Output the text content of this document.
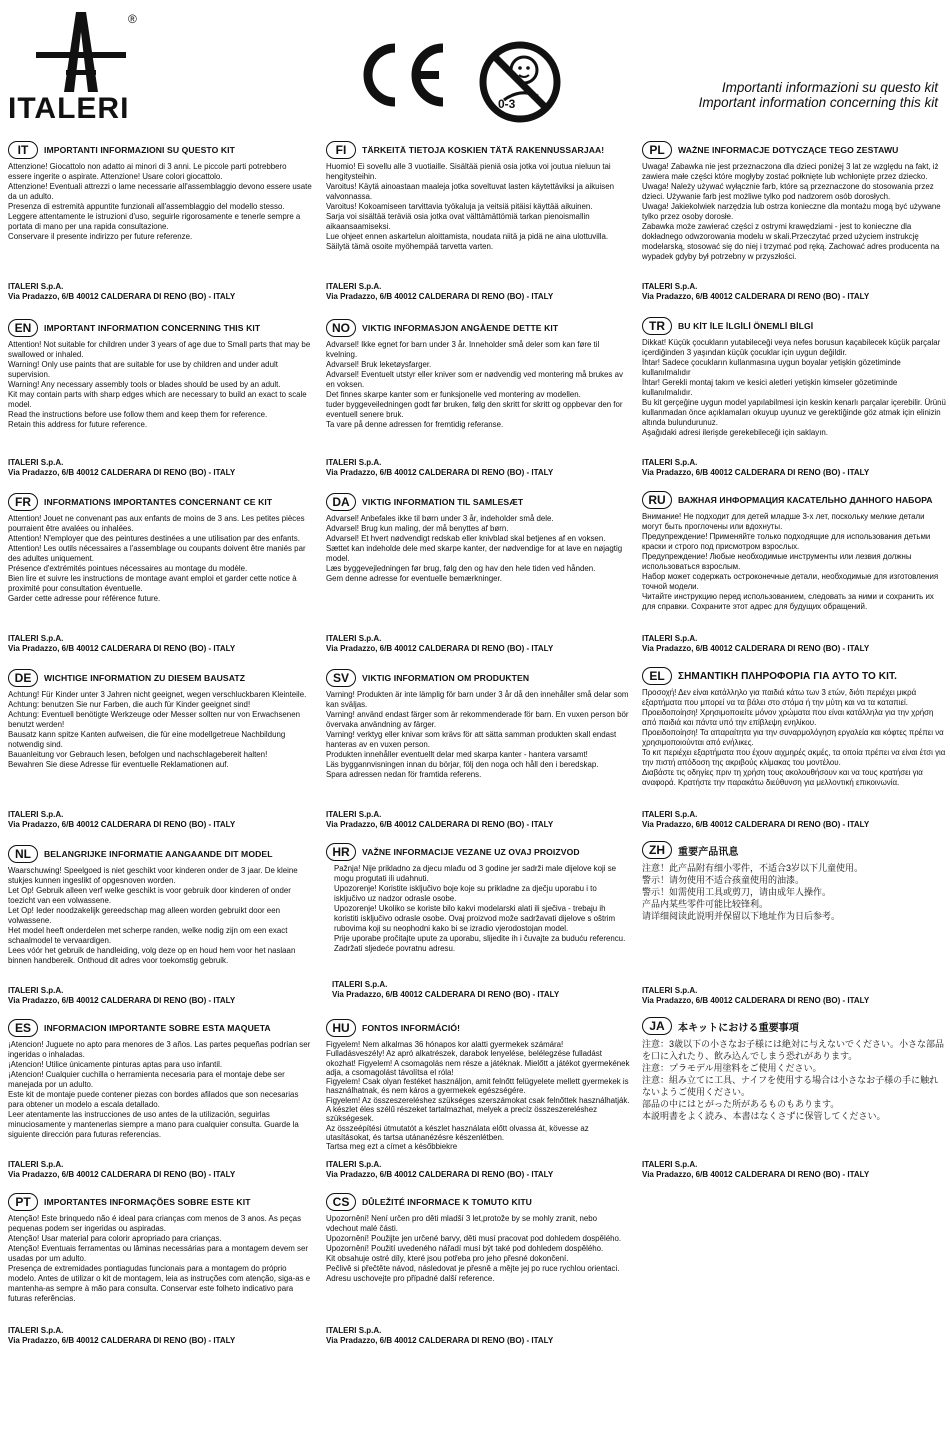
®
ITALERI	0-3
Importanti informazioni su questo kit
Important information concerning this kit
IT	IMPORTANTI INFORMAZIONI SU QUESTO KIT

Attenzione! Giocattolo non adatto ai minori di 3 anni. Le piccole parti potrebbero essere ingerite o aspirate. Attenzione! Usare colori giocattolo.

Attenzione! Eventuali attrezzi o lame necessarie all'assemblaggio devono essere usate da un adulto.

Presenza di estremità appuntite funzionali all'assemblaggio del modello stesso.

Leggere attentamente le istruzioni d'uso, seguirle rigorosamente e tenerle sempre a portata di mano per una rapida consultazione.

Conservare il presente indirizzo per future referenze.

ITALERI S.p.A.
Via Pradazzo, 6/B 40012 CALDERARA DI RENO (BO) - ITALY
EN	IMPORTANT INFORMATION CONCERNING THIS KIT

Attention! Not suitable for children under 3 years of age due to Small parts that may be swallowed or inhaled.

Warning! Only use paints that are suitable for use by children and under adult supervision.

Warning! Any necessary assembly tools or blades should be used by an adult.

Kit may contain parts with sharp edges which are necessary to build an exact to scale model.

Read the instructions before use follow them and keep them for reference.

Retain this address for future reference.

ITALERI S.p.A.
Via Pradazzo, 6/B 40012 CALDERARA DI RENO (BO) - ITALY
FR	INFORMATIONS IMPORTANTES CONCERNANT CE KIT

Attention! Jouet ne convenant pas aux enfants de moins de 3 ans. Les petites pièces pourraient être avalées ou inhalées.

Attention! N'employer que des peintures destinées a une utilisation par des enfants.

Attention! Les outils nécessaires a l'assemblage ou coupants doivent être maniés par des adultes uniquement.

Présence d'extrémités pointues nécessaires au montage du modèle.

Bien lire et suivre les instructions de montage avant emploi et garder cette notice à proximité pour consultation éventuelle.

Garder cette adresse pour référence future.

ITALERI S.p.A.
Via Pradazzo, 6/B 40012 CALDERARA DI RENO (BO) - ITALY
DE	WICHTIGE INFORMATION ZU DIESEM BAUSATZ

Achtung! Für Kinder unter 3 Jahren nicht geeignet, wegen verschluckbaren Kleinteile.

Achtung: benutzen Sie nur Farben, die auch für Kinder geeignet sind!

Achtung: Eventuell benötigte Werkzeuge oder Messer sollten nur von Erwachsenen benutzt werden!

Bausatz kann spitze Kanten aufweisen, die für eine modellgetreue Nachbildung notwendig sind.

Bauanleitung vor Gebrauch lesen, befolgen und nachschlagebereit halten!

Bewahren Sie diese Adresse für eventuelle Reklamationen auf.

ITALERI S.p.A.
Via Pradazzo, 6/B 40012 CALDERARA DI RENO (BO) - ITALY
NL	BELANGRIJKE INFORMATIE AANGAANDE DIT MODEL

Waarschuwing! Speelgoed is niet geschikt voor kinderen onder de 3 jaar. De kleine stukjes kunnen ingeslikt of opgesnoven worden.

Let Op! Gebruik alleen verf welke geschikt is voor gebruik door kinderen of onder toezicht van een volwassene.

Let Op! Ieder noodzakelijk gereedschap mag alleen worden gebruikt door een volwassene.

Het model heeft onderdelen met scherpe randen, welke nodig zijn om een exact schaalmodel te vervaardigen.

Lees vóór het gebruik de handleiding, volg deze op en houd hem voor het naslaan binnen handbereik. Onthoud dit adres voor toekomstig gebruik.

ITALERI S.p.A.
Via Pradazzo, 6/B 40012 CALDERARA DI RENO (BO) - ITALY
ES	INFORMACION IMPORTANTE SOBRE ESTA MAQUETA

¡Atencion! Juguete no apto para menores de 3 años. Las partes pequeñas podrían ser ingeridas o inhaladas.

¡Atencion! Utilice únicamente pinturas aptas para uso infantil.

¡Atencion! Cualquier cuchilla o herramienta necesaria para el montaje debe ser manejada por un adulto.

Este kit de montaje puede contener piezas con bordes afilados que son necesarias para obtener un modelo a escala detallado.

Leer atentamente las instrucciones de uso antes de la utilización, seguirlas minuciosamente y mantenerlas siempre a mano para cualquier consulta. Guarde la siguiente dirección para futuras referencias.

ITALERI S.p.A.
Via Pradazzo, 6/B 40012 CALDERARA DI RENO (BO) - ITALY
PT	IMPORTANTES INFORMAÇÕES SOBRE ESTE KIT

Atenção! Este brinquedo não é ideal para crianças com menos de 3 anos. As peças pequenas podem ser ingeridas ou aspiradas.

Atenção! Usar material para colorir apropriado para crianças.

Atenção! Eventuais ferramentas ou lâminas necessárias para a montagem devem ser usadas por um adulto.

Presença de extremidades pontiagudas funcionais para a montagem do próprio modelo. Antes de utilizar o kit de montagem, leia as instruções com atenção, siga-as e mantenha-as sempre à mão para consulta. Conservar este folheto indicativo para futuras referências.

ITALERI S.p.A.
Via Pradazzo, 6/B 40012 CALDERARA DI RENO (BO) - ITALY
FI	TÄRKEITÄ TIETOJA KOSKIEN TÄTÄ RAKENNUSSARJAA!

Huomio! Ei sovellu alle 3 vuotiaille. Sisältää pieniä osia jotka voi joutua nieluun tai hengitysteihin.

Varoitus! Käytä ainoastaan maaleja jotka soveltuvat lasten käytettäviksi ja aikuisen valvonnassa.

Varoitus! Kokoamiseen tarvittavia työkaluja ja veitsiä pitäisi käyttää aikuinen.

Sarja voi sisältää teräviä osia jotka ovat välttämättömiä tarkan pienoismallin aikaansaamiseksi.

Lue ohjeet ennen askartelun aloittamista, noudata niitä ja pidä ne aina ulottuvilla.

Säilytä tämä osoite myöhempää tarvetta varten.

ITALERI S.p.A.
Via Pradazzo, 6/B 40012 CALDERARA DI RENO (BO) - ITALY
NO	VIKTIG INFORMASJON ANGÅENDE DETTE KIT

Advarsel! Ikke egnet for barn under 3 år. Inneholder små deler som kan føre til kvelning.

Advarsel! Bruk leketøysfarger.

Advarsel! Eventuelt utstyr eller kniver som er nødvendig ved montering må brukes av en voksen.

Det finnes skarpe kanter som er funksjonelle ved montering av modellen.

tuder byggeveiledningen godt før bruken, følg den skritt for skritt og oppbevar den for eventuell senere bruk.

Ta vare på denne adressen for fremtidig referanse.

ITALERI S.p.A.
Via Pradazzo, 6/B 40012 CALDERARA DI RENO (BO) - ITALY
DA	VIKTIG INFORMATION TIL SAMLESÆT

Advarsel! Anbefales ikke til børn under 3 år, indeholder små dele.

Advarsel! Brug kun maling, der må benyttes af børn.

Advarsel! Et hvert nødvendigt redskab eller knivblad skal betjenes af en voksen. Sættet kan indeholde dele med skarpe kanter, der nødvendige for at lave en nøjagtig model.

Læs byggevejledningen før brug, følg den og hav den hele tiden ved hånden.

Gem denne adresse for eventuelle bemærkninger.

ITALERI S.p.A.
Via Pradazzo, 6/B 40012 CALDERARA DI RENO (BO) - ITALY
SV	VIKTIG INFORMATION OM PRODUKTEN

Varning! Produkten är inte lämplig för barn under 3 år då den innehåller små delar som kan sväljas.

Varning! använd endast färger som är rekommenderade för barn. En vuxen person bör övervaka användning av färger.

Varning! verktyg eller knivar som krävs för att sätta samman produkten skall endast hanteras av en vuxen person.

Produkten innehåller eventuellt delar med skarpa kanter - hantera varsamt!

Läs byggannvisningen innan du börjar, följ den noga och håll den i beredskap.

Spara adressen nedan för framtida referens.

ITALERI S.p.A.
Via Pradazzo, 6/B 40012 CALDERARA DI RENO (BO) - ITALY
HR	VAŽNE INFORMACIJE VEZANE UZ OVAJ PROIZVOD

Pažnja! Nije prikladno za djecu mlađu od 3 godine jer sadrži male dijelove koji se mogu progutati ili udahnuti.

Upozorenje! Koristite isključivo boje koje su prikladne za dječju uporabu i to isključivo uz nadzor odrasle osobe.

Upozorenje! Ukoliko se koriste bilo kakvi modelarski alati ili sječiva - trebaju ih koristiti isključivo odrasle osobe. Ovaj proizvod može sadržavati dijelove s oštrim rubovima koji su neophodni kako bi se izradio vjerodostojan model.

Prije uporabe pročitajte upute za uporabu, slijedite ih i čuvajte za buduću referencu.

Zadržati sljedeće povratnu adresu.

ITALERI S.p.A.
Via Pradazzo, 6/B 40012 CALDERARA DI RENO (BO) - ITALY
HU	FONTOS INFORMÁCIÓ!

Figyelem! Nem alkalmas 36 hónapos kor alatti gyermekek számára!

Fulladásveszély! Az apró alkatrészek, darabok lenyelése, belélegzése fulladást okozhat! Figyelem! A csomagolás nem része a játéknak. Mielőtt a játékot gyermekének adja, a csomagolást távolítsa el róla!

Figyelem! Csak olyan festéket használjon, amit felnőtt felügyelete mellett gyermekek is használhatnak, és nem káros a gyermekek egészségére.

Figyelem! Az összeszereléshez szükséges szerszámokat csak felnőttek használhatják. A készlet éles szélű részeket tartalmazhat, melyek a precíz összeszereléshez szükségesek.

Az összeépítési útmutatót a készlet használata előtt olvassa át, kövesse az utasításokat, és tartsa utánanézésre készenlétben.

Tartsa meg ezt a címet a későbbiekre

ITALERI S.p.A.
Via Pradazzo, 6/B 40012 CALDERARA DI RENO (BO) - ITALY
CS	DŮLEŽITÉ INFORMACE K TOMUTO KITU

Upozornění! Není určen pro děti mladší 3 let,protože by se mohly zranit, nebo vdechout malé části.

Upozornění! Použijte jen určené barvy, děti musí pracovat pod dohledem dospělého.

Upozornění! Použití uvedeného nářadí musí být také pod dohledem dospělého.

Kit obsahuje ostré díly, které jsou potřeba pro jeho přesné dokončení.

Pečlivě si přečtěte návod, následovat je přesně a mějte jej po ruce rychlou orientaci.

Adresu uschovejte pro případné další reference.

ITALERI S.p.A.
Via Pradazzo, 6/B 40012 CALDERARA DI RENO (BO) - ITALY
PL	WAŻNE INFORMACJE DOTYCZĄCE TEGO ZESTAWU

Uwaga! Zabawka nie jest przeznaczona dla dzieci poniżej 3 lat ze względu na fakt, iż zawiera małe części które mogłyby zostać połknięte lub wchłonięte przez dziecko.

Uwaga! Należy używać wyłącznie farb, które są przeznaczone do stosowania przez dzieci. Używanie farb jest możliwe tylko pod nadzorem osób dorosłych.

Uwaga! Jakiekolwiek narzędzia lub ostrza konieczne dla montażu mogą być używane tylko przez osoby dorosłe.

Zabawka może zawierać części z ostrymi krawędziami - jest to konieczne dla dokładnego odwzorowania modelu w skali.Przeczytać przed użyciem instrukcję modelarską, stosować się do niej i trzymać pod ręką. Zachować adres producenta na wypadek gdyby był potrzebny w przyszłości.

ITALERI S.p.A.
Via Pradazzo, 6/B 40012 CALDERARA DI RENO (BO) - ITALY
TR	BU KİT İLE İLGİLİ ÖNEMLİ BİLGİ

Dikkat! Küçük çocukların yutabileceği veya nefes borusun kaçabilecek küçük parçalar içerdiğinden 3 yaşından küçük çocuklar için uygun değildir.

İhtar! Sadece çocukların kullanmasına uygun boyalar yetişkin gözetiminde kullanılmalıdır

İhtar! Gerekli montaj takım ve kesici aletleri yetişkin kimseler gözetiminde kullanılmalıdır.

Bu kit gerçeğine uygun model yapılabilmesi için keskin kenarlı parçalar içerebilir. Ürünü kullanmadan önce açıklamaları okuyup uyunuz ve gerektiğinde göz atmak için elinizin altında bulundurunuz.

Aşağıdaki adresi ilerişde gerekebileceği için saklayın.

ITALERI S.p.A.
Via Pradazzo, 6/B 40012 CALDERARA DI RENO (BO) - ITALY
RU	ВАЖНАЯ ИНФОРМАЦИЯ КАСАТЕЛЬНО ДАННОГО НАБОРА

Внимание! Не подходит для детей младше 3-х лет, поскольку мелкие детали могут быть проглочены или вдохнуты.

Предупреждение! Применяйте только подходящие для использования детьми краски и строго под присмотром взрослых.

Предупреждение! Любые необходимые инструменты или лезвия должны использоваться взрослым.

Набор может содержать остроконечные детали, необходимые для изготовления точной модели.

Читайте инструкцию перед использованием, следовать за ними и сохранить их для справки. Сохраните этот адрес для будущих обращений.

ITALERI S.p.A.
Via Pradazzo, 6/B 40012 CALDERARA DI RENO (BO) - ITALY
EL	ΣΗΜΑΝΤΙΚΗ ΠΛΗΡΟΦΟΡΙΑ ΓΙΑ ΑΥΤΟ ΤΟ ΚΙΤ.

Προσοχή! Δεν είναι κατάλληλο για παιδιά κάτω των 3 ετών, διότι περιέχει μικρά εξαρτήματα που μπορεί να τα βάλει στο στόμα ή την μύτη και να τα καταπιεί.

Προειδοποίηση! Χρησιμοποιείτε μόνον χρώματα που είναι κατάλληλα για την χρήση από παιδιά και πάντα υπό την επίβλεψη ενηλίκου.

Προειδοποίηση! Τα απαραίτητα για την συναρμολόγηση εργαλεία και κόφτες πρέπει να χρησιμοποιούνται από ενήλικες.

Το κιτ περιέχει εξαρτήματα που έχουν αιχμηρές ακμές, τα οποία πρέπει να είναι έτσι για την πιστή απόδοση της ακριβούς κλίμακας του μοντέλου.

Διαβάστε τις οδηγίες πριν τη χρήση τους ακολουθήσουν και να τους κρατήσει για αναφορά. Κρατήστε την παρακάτω διεύθυνση για μελλοντική επικοινωνία.

ITALERI S.p.A.
Via Pradazzo, 6/B 40012 CALDERARA DI RENO (BO) - ITALY
ZH	重要产品讯息

注意！此产品附有细小零件，不适合3岁以下儿童使用。

警示！请勿使用不适合孩童使用的油漆。

警示！如需使用工具或剪刀，请由成年人操作。

产品内某些零件可能比较锋利。

请详细阅读此说明并保留以下地址作为日后参考。

ITALERI S.p.A.
Via Pradazzo, 6/B 40012 CALDERARA DI RENO (BO) - ITALY
JA	本キットにおける重要事項

注意：3歳以下の小さなお子様には絶対に与えないでください。小さな部品を口に入れたり、飲み込んでしまう恐れがあります。

注意：プラモデル用塗料をご使用ください。

注意：組み立てに工具、ナイフを使用する場合は小さなお子様の手に触れないようご使用ください。

部品の中にはとがった所があるものもあります。

本説明書をよく読み、本書はなくさずに保管してください。

ITALERI S.p.A.
Via Pradazzo, 6/B 40012 CALDERARA DI RENO (BO) - ITALY
